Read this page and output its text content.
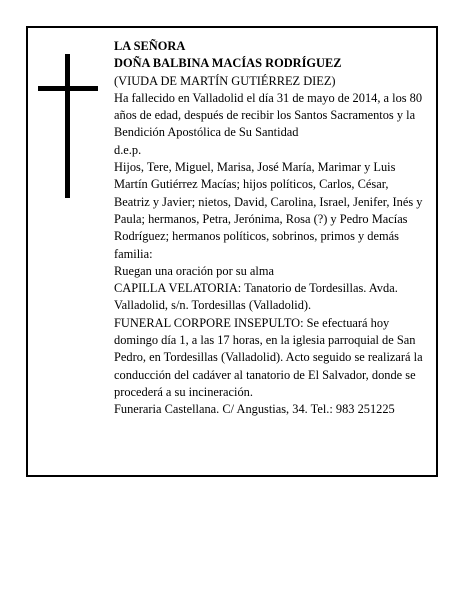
LA SEÑORA

DOÑA BALBINA MACÍAS RODRÍGUEZ

(VIUDA DE MARTÍN GUTIÉRREZ DIEZ)

Ha fallecido en Valladolid el día 31 de mayo de 2014, a los 80 años de edad, después de recibir los Santos Sacramentos y la Bendición Apostólica de Su Santidad

d.e.p.

Hijos, Tere, Miguel, Marisa, José María, Marimar y Luis Martín Gutiérrez Macías; hijos políticos, Carlos, César, Beatriz y Javier; nietos, David, Carolina, Israel, Jenifer, Inés y Paula; hermanos, Petra, Jerónima, Rosa (?) y Pedro Macías Rodríguez; hermanos políticos, sobrinos, primos y demás familia:

Ruegan una oración por su alma

CAPILLA VELATORIA: Tanatorio de Tordesillas. Avda. Valladolid, s/n. Tordesillas (Valladolid).

FUNERAL CORPORE INSEPULTO: Se efectuará hoy domingo día 1, a las 17 horas, en la iglesia parroquial de San Pedro, en Tordesillas (Valladolid). Acto seguido se realizará la conducción del cadáver al tanatorio de El Salvador, donde se procederá a su incineración.

Funeraria Castellana. C/ Angustias, 34. Tel.: 983 251225
